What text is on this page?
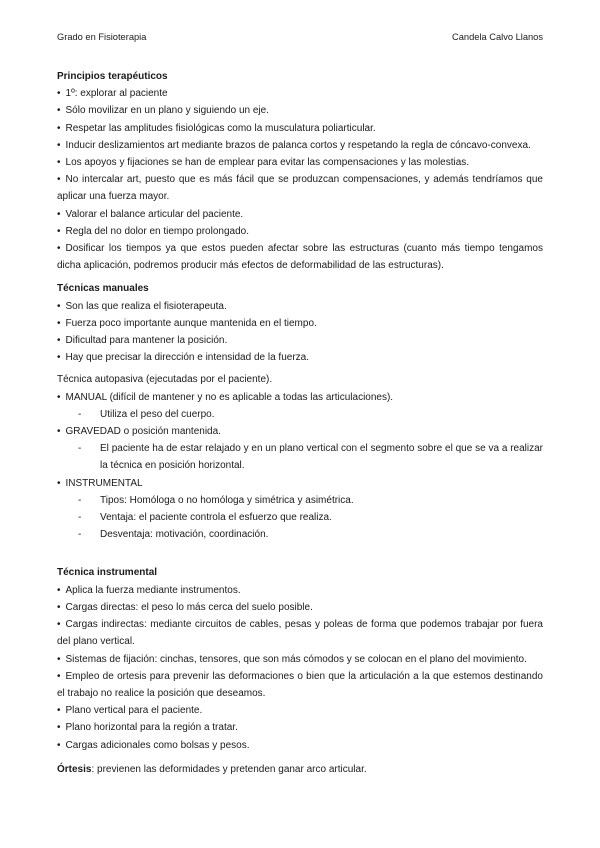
Grado en Fisioterapia	Candela Calvo Llanos

Principios terapéuticos

• 1º: explorar al paciente

• Sólo movilizar en un plano y siguiendo un eje.

• Respetar las amplitudes fisiológicas como la musculatura poliarticular.

• Inducir deslizamientos art mediante brazos de palanca cortos y respetando la regla de cóncavo-convexa.

• Los apoyos y fijaciones se han de emplear para evitar las compensaciones y las molestias.

• No intercalar art, puesto que es más fácil que se produzcan compensaciones, y además tendríamos que aplicar una fuerza mayor.

• Valorar el balance articular del paciente.

• Regla del no dolor en tiempo prolongado.

• Dosificar los tiempos ya que estos pueden afectar sobre las estructuras (cuanto más tiempo tengamos dicha aplicación, podremos producir más efectos de deformabilidad de las estructuras).

Técnicas manuales

• Son las que realiza el fisioterapeuta.

• Fuerza poco importante aunque mantenida en el tiempo.

• Dificultad para mantener la posición.

• Hay que precisar la dirección e intensidad de la fuerza.

Técnica autopasiva (ejecutadas por el paciente).

• MANUAL (difícil de mantener y no es aplicable a todas las articulaciones).

-	Utiliza el peso del cuerpo.

• GRAVEDAD o posición mantenida.

-	El paciente ha de estar relajado y en un plano vertical con el segmento sobre el que se va a realizar la técnica en posición horizontal.

• INSTRUMENTAL

-	Tipos: Homóloga o no homóloga y simétrica y asimétrica.
-	Ventaja: el paciente controla el esfuerzo que realiza.
-	Desventaja: motivación, coordinación.

Técnica instrumental

• Aplica la fuerza mediante instrumentos.

• Cargas directas: el peso lo más cerca del suelo posible.

• Cargas indirectas: mediante circuitos de cables, pesas y poleas de forma que podemos trabajar por fuera del plano vertical.

• Sistemas de fijación: cinchas, tensores, que son más cómodos y se colocan en el plano del movimiento.

• Empleo de ortesis para prevenir las deformaciones o bien que la articulación a la que estemos destinando el trabajo no realice la posición que deseamos.

• Plano vertical para el paciente.

• Plano horizontal para la región a tratar.

• Cargas adicionales como bolsas y pesos.

Órtesis: previenen las deformidades y pretenden ganar arco articular.
